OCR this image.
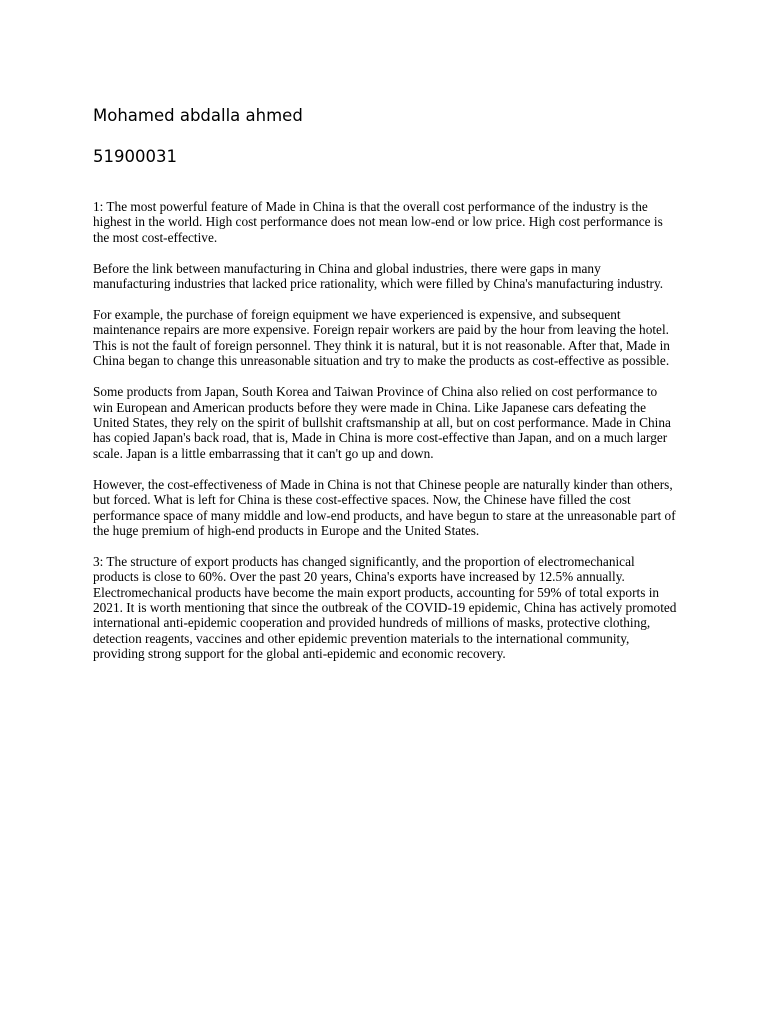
Mohamed abdalla ahmed

51900031

1: The most powerful feature of Made in China is that the overall cost performance of the industry is the highest in the world. High cost performance does not mean low-end or low price. High cost performance is the most cost-effective.

Before the link between manufacturing in China and global industries, there were gaps in many manufacturing industries that lacked price rationality, which were filled by China's manufacturing industry.

For example, the purchase of foreign equipment we have experienced is expensive, and subsequent maintenance repairs are more expensive. Foreign repair workers are paid by the hour from leaving the hotel. This is not the fault of foreign personnel. They think it is natural, but it is not reasonable. After that, Made in China began to change this unreasonable situation and try to make the products as cost-effective as possible.

Some products from Japan, South Korea and Taiwan Province of China also relied on cost performance to win European and American products before they were made in China. Like Japanese cars defeating the United States, they rely on the spirit of bullshit craftsmanship at all, but on cost performance. Made in China has copied Japan's back road, that is, Made in China is more cost-effective than Japan, and on a much larger scale. Japan is a little embarrassing that it can't go up and down.

However, the cost-effectiveness of Made in China is not that Chinese people are naturally kinder than others, but forced. What is left for China is these cost-effective spaces. Now, the Chinese have filled the cost performance space of many middle and low-end products, and have begun to stare at the unreasonable part of the huge premium of high-end products in Europe and the United States.

3: The structure of export products has changed significantly, and the proportion of electromechanical products is close to 60%. Over the past 20 years, China's exports have increased by 12.5% annually. Electromechanical products have become the main export products, accounting for 59% of total exports in 2021. It is worth mentioning that since the outbreak of the COVID-19 epidemic, China has actively promoted international anti-epidemic cooperation and provided hundreds of millions of masks, protective clothing, detection reagents, vaccines and other epidemic prevention materials to the international community, providing strong support for the global anti-epidemic and economic recovery.
